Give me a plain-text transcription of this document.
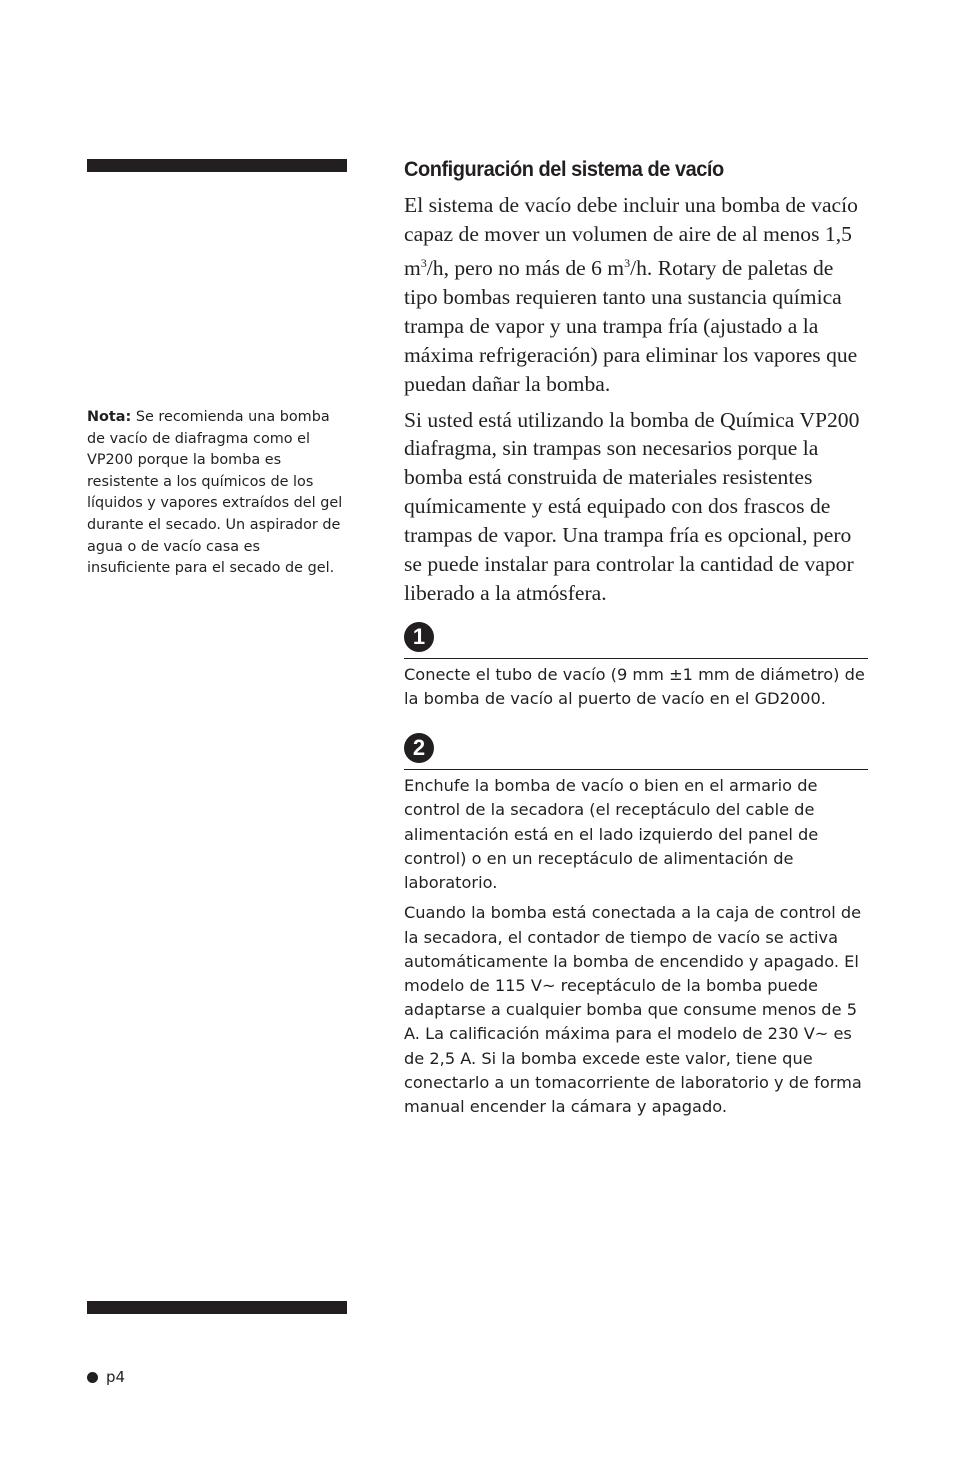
Nota: Se recomienda una bomba de vacío de diafragma como el VP200 porque la bomba es resistente a los químicos de los líquidos y vapores extraídos del gel durante el secado. Un aspirador de agua o de vacío casa es insuficiente para el secado de gel.

Configuración del sistema de vacío

El sistema de vacío debe incluir una bomba de vacío capaz de mover un volumen de aire de al menos 1,5 $m^3/h$, pero no más de 6 $m^3/h$. Rotary de paletas de tipo bombas requieren tanto una sustancia química trampa de vapor y una trampa fría (ajustado a la máxima refrigeración) para eliminar los vapores que puedan dañar la bomba.

Si usted está utilizando la bomba de Química VP200 diafragma, sin trampas son necesarios porque la bomba está construida de materiales resistentes químicamente y está equipado con dos frascos de trampas de vapor. Una trampa fría es opcional, pero se puede instalar para controlar la cantidad de vapor liberado a la atmósfera.

1

Conecte el tubo de vacío (9 mm ±1 mm de diámetro) de la bomba de vacío al puerto de vacío en el GD2000.

2

Enchufe la bomba de vacío o bien en el armario de control de la secadora (el receptáculo del cable de alimentación está en el lado izquierdo del panel de control) o en un receptáculo de alimentación de laboratorio.

Cuando la bomba está conectada a la caja de control de la secadora, el contador de tiempo de vacío se activa automáticamente la bomba de encendido y apagado. El modelo de 115 V~ receptáculo de la bomba puede adaptarse a cualquier bomba que consume menos de 5 A. La calificación máxima para el modelo de 230 V~ es de 2,5 A. Si la bomba excede este valor, tiene que conectarlo a un tomacorriente de laboratorio y de forma manual encender la cámara y apagado.

p4
